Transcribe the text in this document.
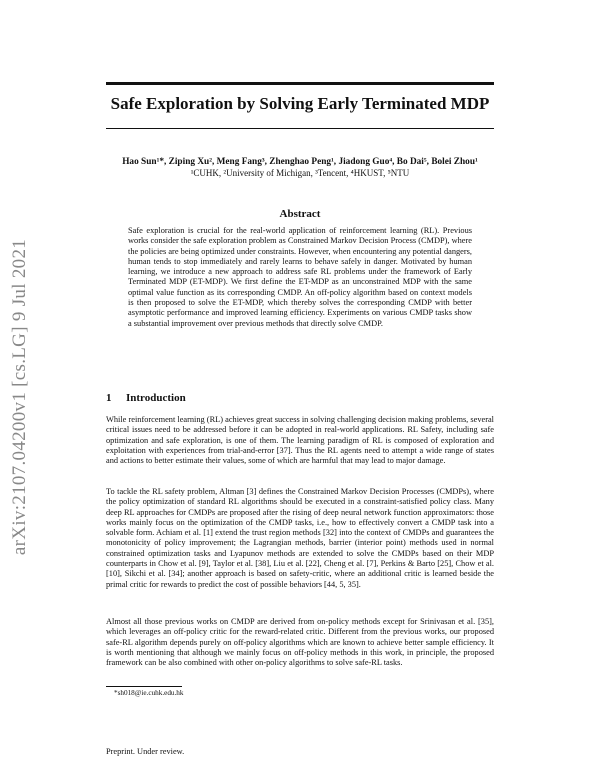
Safe Exploration by Solving Early Terminated MDP
Hao Sun¹*, Ziping Xu², Meng Fang³, Zhenghao Peng¹, Jiadong Guo⁴, Bo Dai⁵, Bolei Zhou¹
¹CUHK, ²University of Michigan, ³Tencent, ⁴HKUST, ⁵NTU
arXiv:2107.04200v1 [cs.LG] 9 Jul 2021
Abstract
Safe exploration is crucial for the real-world application of reinforcement learning (RL). Previous works consider the safe exploration problem as Constrained Markov Decision Process (CMDP), where the policies are being optimized under constraints. However, when encountering any potential dangers, human tends to stop immediately and rarely learns to behave safely in danger. Motivated by human learning, we introduce a new approach to address safe RL problems under the framework of Early Terminated MDP (ET-MDP). We first define the ET-MDP as an unconstrained MDP with the same optimal value function as its corresponding CMDP. An off-policy algorithm based on context models is then proposed to solve the ET-MDP, which thereby solves the corresponding CMDP with better asymptotic performance and improved learning efficiency. Experiments on various CMDP tasks show a substantial improvement over previous methods that directly solve CMDP.
1 Introduction
While reinforcement learning (RL) achieves great success in solving challenging decision making problems, several critical issues need to be addressed before it can be adopted in real-world applications. RL Safety, including safe optimization and safe exploration, is one of them. The learning paradigm of RL is composed of exploration and exploitation with experiences from trial-and-error [37]. Thus the RL agents need to attempt a wide range of states and actions to better estimate their values, some of which are harmful that may lead to major damage.
To tackle the RL safety problem, Altman [3] defines the Constrained Markov Decision Processes (CMDPs), where the policy optimization of standard RL algorithms should be executed in a constraint-satisfied policy class. Many deep RL approaches for CMDPs are proposed after the rising of deep neural network function approximators: those works mainly focus on the optimization of the CMDP tasks, i.e., how to effectively convert a CMDP task into a solvable form. Achiam et al. [1] extend the trust region methods [32] into the context of CMDPs and guarantees the monotonicity of policy improvement; the Lagrangian methods, barrier (interior point) methods used in normal constrained optimization tasks and Lyapunov methods are extended to solve the CMDPs based on their MDP counterparts in Chow et al. [9], Taylor et al. [38], Liu et al. [22], Cheng et al. [7], Perkins & Barto [25], Chow et al. [10], Sikchi et al. [34]; another approach is based on safety-critic, where an additional critic is learned beside the primal critic for rewards to predict the cost of possible behaviors [44, 5, 35].
Almost all those previous works on CMDP are derived from on-policy methods except for Srinivasan et al. [35], which leverages an off-policy critic for the reward-related critic. Different from the previous works, our proposed safe-RL algorithm depends purely on off-policy algorithms which are known to achieve better sample efficiency. It is worth mentioning that although we mainly focus on off-policy methods in this work, in principle, the proposed framework can be also combined with other on-policy algorithms to solve safe-RL tasks.
*sh018@ie.cuhk.edu.hk
Preprint. Under review.
